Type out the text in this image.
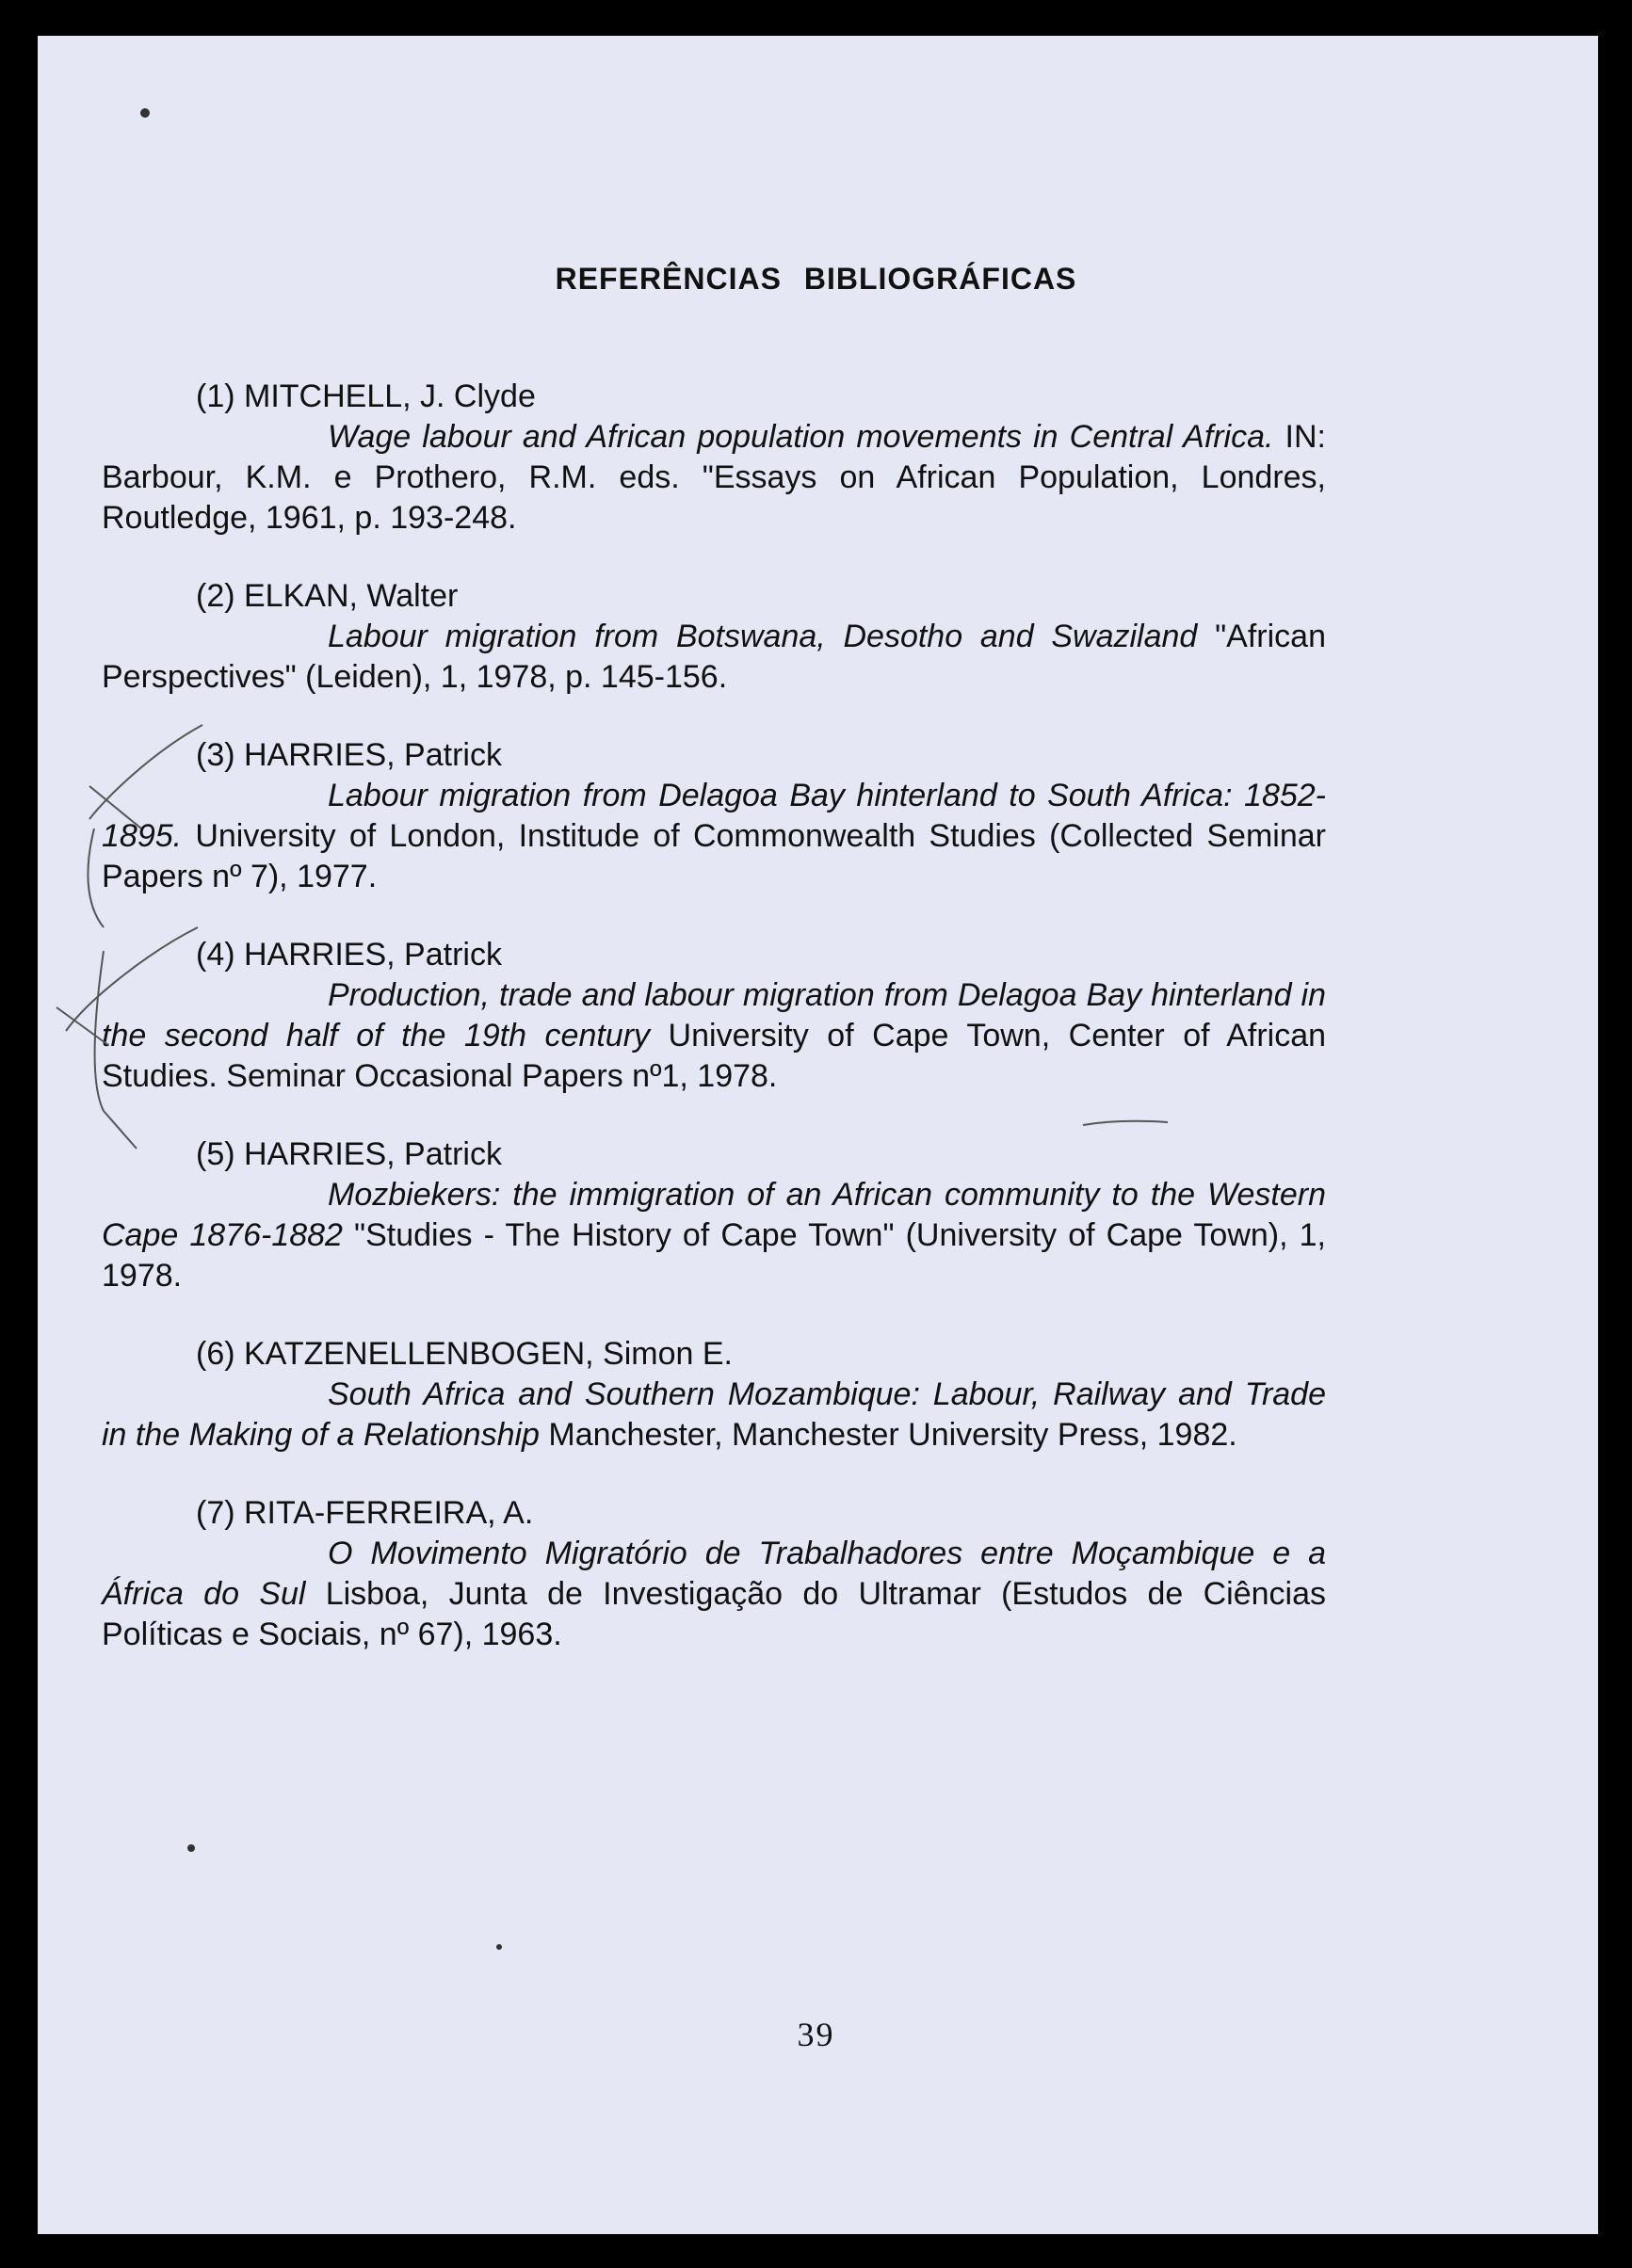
REFERÊNCIAS BIBLIOGRÁFICAS
(1) MITCHELL, J. Clyde
Wage labour and African population movements in Central Africa. IN: Barbour, K.M. e Prothero, R.M. eds. "Essays on African Population, Londres, Routledge, 1961, p. 193-248.
(2) ELKAN, Walter
Labour migration from Botswana, Desotho and Swaziland "African Perspectives" (Leiden), 1, 1978, p. 145-156.
(3) HARRIES, Patrick
Labour migration from Delagoa Bay hinterland to South Africa: 1852-1895. University of London, Institude of Commonwealth Studies (Collected Seminar Papers nº 7), 1977.
(4) HARRIES, Patrick
Production, trade and labour migration from Delagoa Bay hinterland in the second half of the 19th century University of Cape Town, Center of African Studies. Seminar Occasional Papers nº1, 1978.
(5) HARRIES, Patrick
Mozbiekers: the immigration of an African community to the Western Cape 1876-1882 "Studies - The History of Cape Town" (University of Cape Town), 1, 1978.
(6) KATZENELLENBOGEN, Simon E.
South Africa and Southern Mozambique: Labour, Railway and Trade in the Making of a Relationship Manchester, Manchester University Press, 1982.
(7) RITA-FERREIRA, A.
O Movimento Migratório de Trabalhadores entre Moçambique e a África do Sul Lisboa, Junta de Investigação do Ultramar (Estudos de Ciências Políticas e Sociais, nº 67), 1963.
39
